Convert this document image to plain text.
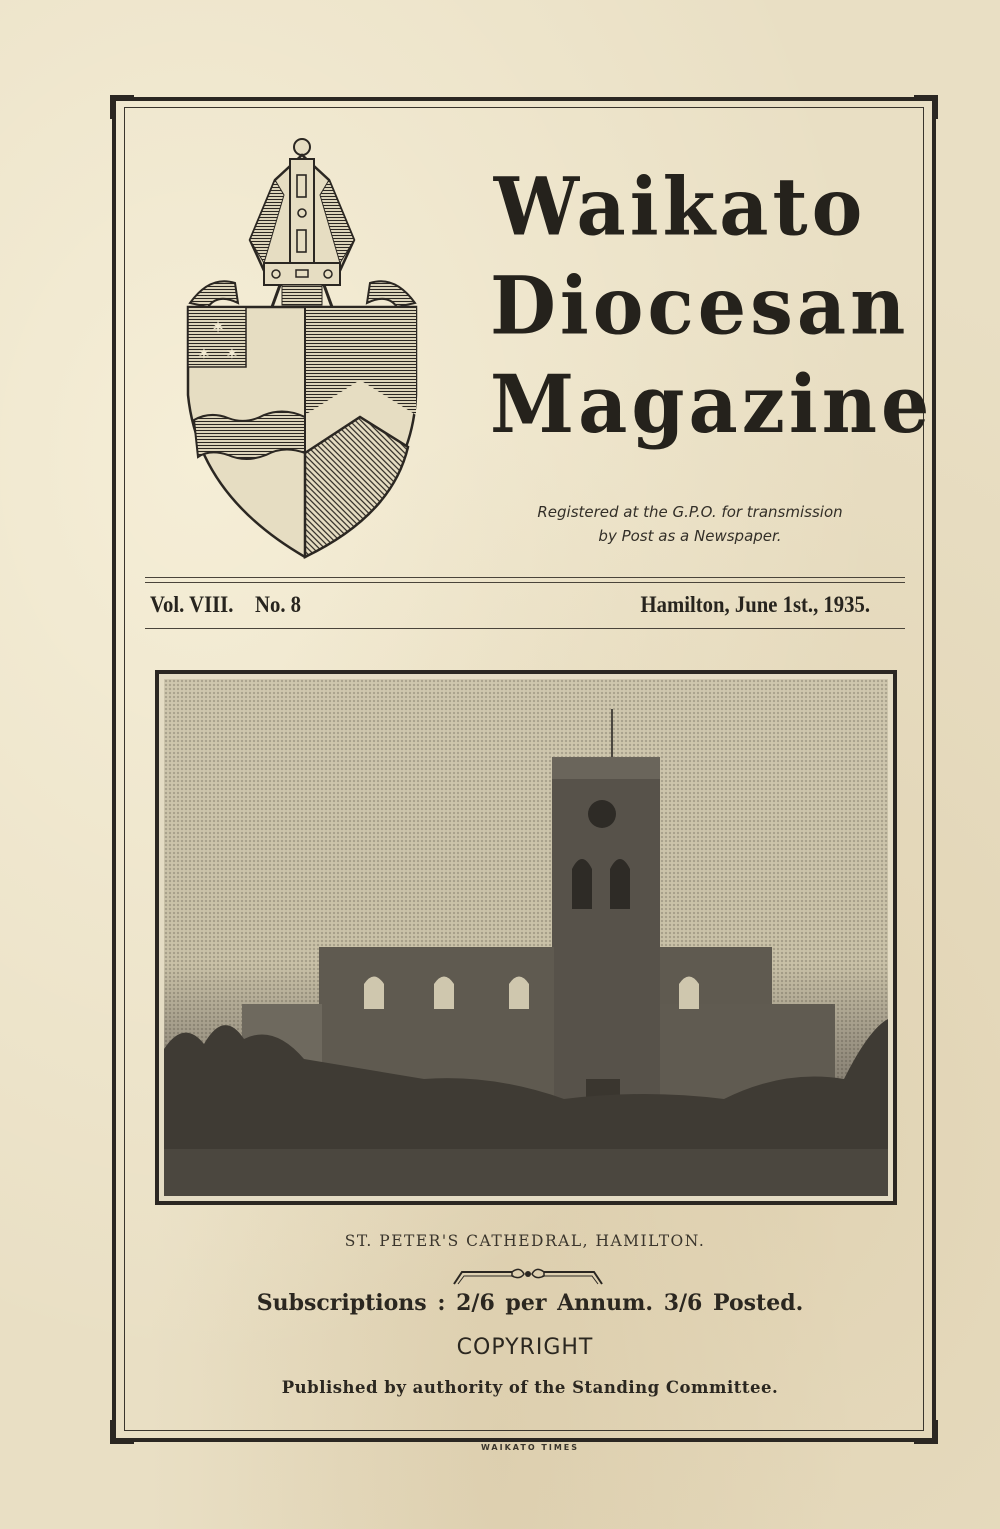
✶
✶ ✶
Waikato
Diocesan
Magazine
Registered at the G.P.O. for transmission
by Post as a Newspaper.
Vol. VIII. No. 8	Hamilton, June 1st., 1935.
ST. PETER'S CATHEDRAL, HAMILTON.
Subscriptions : 2/6 per Annum. 3/6 Posted.
COPYRIGHT
Published by authority of the Standing Committee.
WAIKATO TIMES
